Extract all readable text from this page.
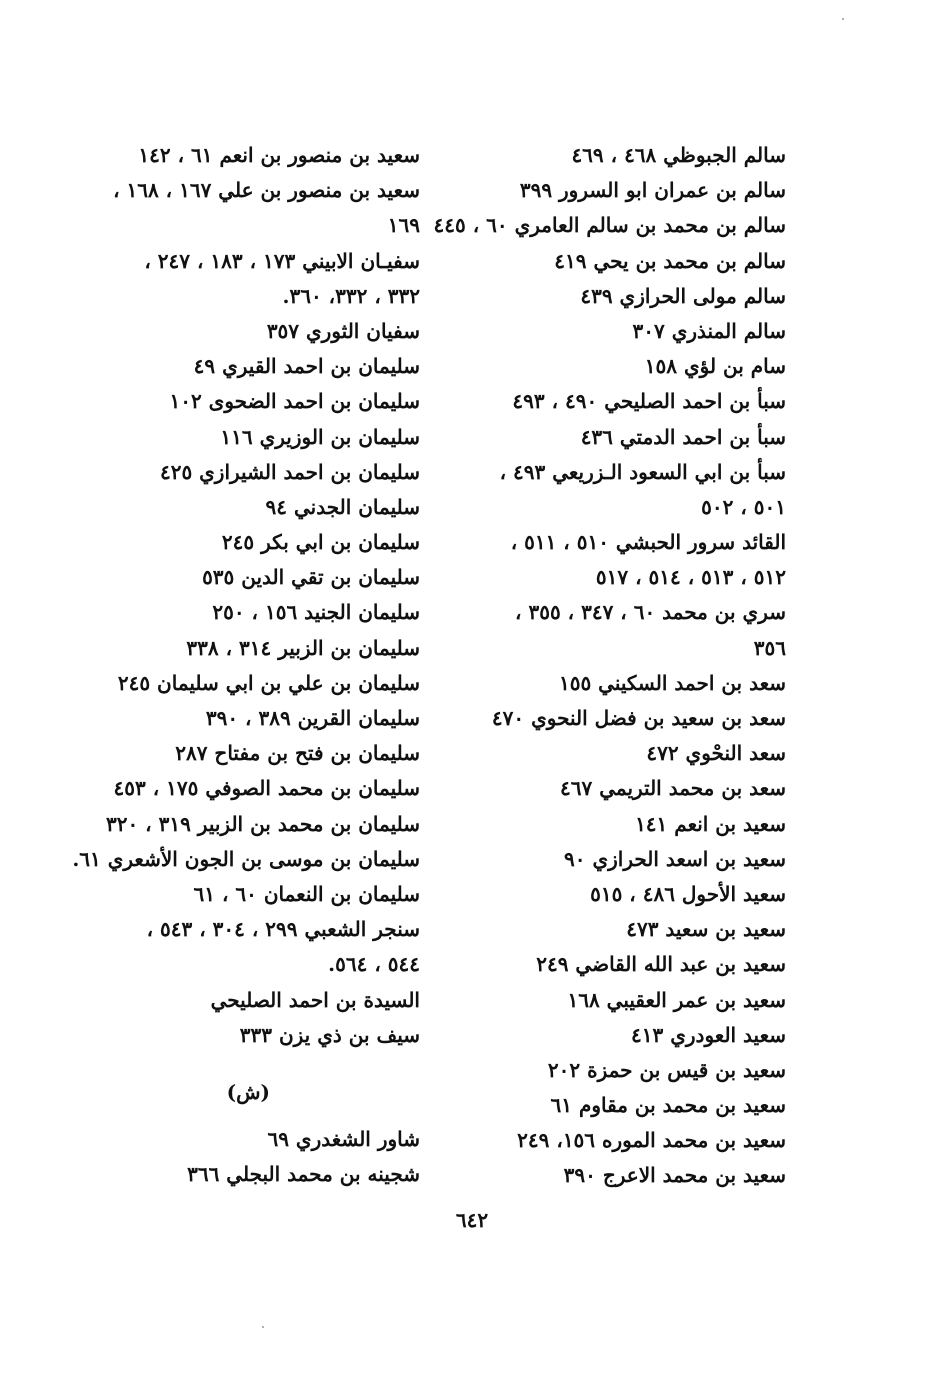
سالم الجبوظي ٤٦٨ ، ٤٦٩
سالم بن عمران ابو السرور ٣٩٩
سالم بن محمد بن سالم العامري ٦٠ ، ٤٤٥
سالم بن محمد بن يحي ٤١٩
سالم مولى الحرازي ٤٣٩
سالم المنذري ٣٠٧
سام بن لؤي ١٥٨
سبأ بن احمد الصليحي ٤٩٠ ، ٤٩٣
سبأ بن احمد الدمتي ٤٣٦
سبأ بن ابي السعود الـزريعي ٤٩٣ ،
٥٠١ ، ٥٠٢
القائد سرور الحبشي ٥١٠ ، ٥١١ ،
٥١٢ ، ٥١٣ ، ٥١٤ ، ٥١٧
سري بن محمد ٦٠ ، ٣٤٧ ، ٣٥٥ ،
٣٥٦
سعد بن احمد السكيني ١٥٥
سعد بن سعيد بن فضل النحوي ٤٧٠
سعد النحْوي ٤٧٢
سعد بن محمد التريمي ٤٦٧
سعيد بن انعم ١٤١
سعيد بن اسعد الحرازي ٩٠
سعيد الأحول ٤٨٦ ، ٥١٥
سعيد بن سعيد ٤٧٣
سعيد بن عبد الله القاضي ٢٤٩
سعيد بن عمر العقيبي ١٦٨
سعيد العودري ٤١٣
سعيد بن قيس بن حمزة ٢٠٢
سعيد بن محمد بن مقاوم ٦١
سعيد بن محمد الموره ١٥٦، ٢٤٩
سعيد بن محمد الاعرج ٣٩٠
سعيد بن منصور بن انعم ٦١ ، ١٤٢
سعيد بن منصور بن علي ١٦٧ ، ١٦٨ ،
١٦٩
سفيـان الابيني ١٧٣ ، ١٨٣ ، ٢٤٧ ،
٣٣٢ ، ٣٣٢، ٣٦٠.
سفيان الثوري ٣٥٧
سليمان بن احمد القيري ٤٩
سليمان بن احمد الضحوى ١٠٢
سليمان بن الوزيري ١١٦
سليمان بن احمد الشيرازي ٤٢٥
سليمان الجدني ٩٤
سليمان بن ابي بكر ٢٤٥
سليمان بن تقي الدين ٥٣٥
سليمان الجنيد ١٥٦ ، ٢٥٠
سليمان بن الزبير ٣١٤ ، ٣٣٨
سليمان بن علي بن ابي سليمان ٢٤٥
سليمان القرين ٣٨٩ ، ٣٩٠
سليمان بن فتح بن مفتاح ٢٨٧
سليمان بن محمد الصوفي ١٧٥ ، ٤٥٣
سليمان بن محمد بن الزبير ٣١٩ ، ٣٢٠
سليمان بن موسى بن الجون الأشعري ٦١.
سليمان بن النعمان ٦٠ ، ٦١
سنجر الشعبي ٢٩٩ ، ٣٠٤ ، ٥٤٣ ،
٥٤٤ ، ٥٦٤.
السيدة بن احمد الصليحي
سيف بن ذي يزن ٣٣٣
(ش)
شاور الشغدري ٦٩
شجينه بن محمد البجلي ٣٦٦
٦٤٢
